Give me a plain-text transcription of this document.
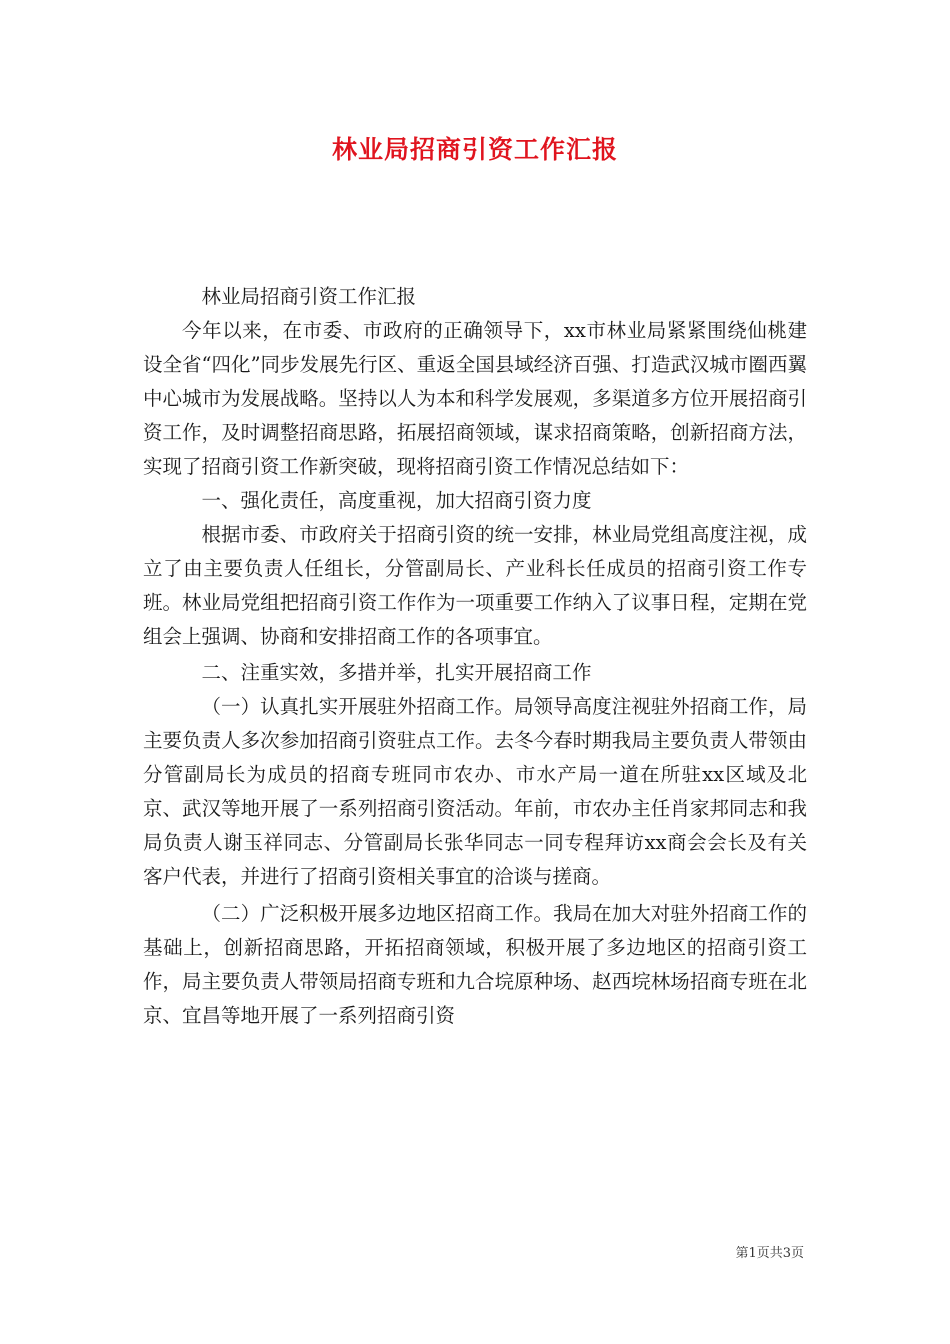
林业局招商引资工作汇报

林业局招商引资工作汇报

今年以来，在市委、市政府的正确领导下，xx市林业局紧紧围绕仙桃建设全省“四化”同步发展先行区、重返全国县域经济百强、打造武汉城市圈西翼中心城市为发展战略。坚持以人为本和科学发展观，多渠道多方位开展招商引资工作，及时调整招商思路，拓展招商领域，谋求招商策略，创新招商方法，实现了招商引资工作新突破，现将招商引资工作情况总结如下：

一、强化责任，高度重视，加大招商引资力度

根据市委、市政府关于招商引资的统一安排，林业局党组高度注视，成立了由主要负责人任组长，分管副局长、产业科长任成员的招商引资工作专班。林业局党组把招商引资工作作为一项重要工作纳入了议事日程，定期在党组会上强调、协商和安排招商工作的各项事宜。

二、注重实效，多措并举，扎实开展招商工作

（一）认真扎实开展驻外招商工作。局领导高度注视驻外招商工作，局主要负责人多次参加招商引资驻点工作。去冬今春时期我局主要负责人带领由分管副局长为成员的招商专班同市农办、市水产局一道在所驻xx区域及北京、武汉等地开展了一系列招商引资活动。年前，市农办主任肖家邦同志和我局负责人谢玉祥同志、分管副局长张华同志一同专程拜访xx商会会长及有关客户代表，并进行了招商引资相关事宜的洽谈与搓商。

（二）广泛积极开展多边地区招商工作。我局在加大对驻外招商工作的基础上，创新招商思路，开拓招商领域，积极开展了多边地区的招商引资工作，局主要负责人带领局招商专班和九合垸原种场、赵西垸林场招商专班在北京、宜昌等地开展了一系列招商引资

第1页共3页
